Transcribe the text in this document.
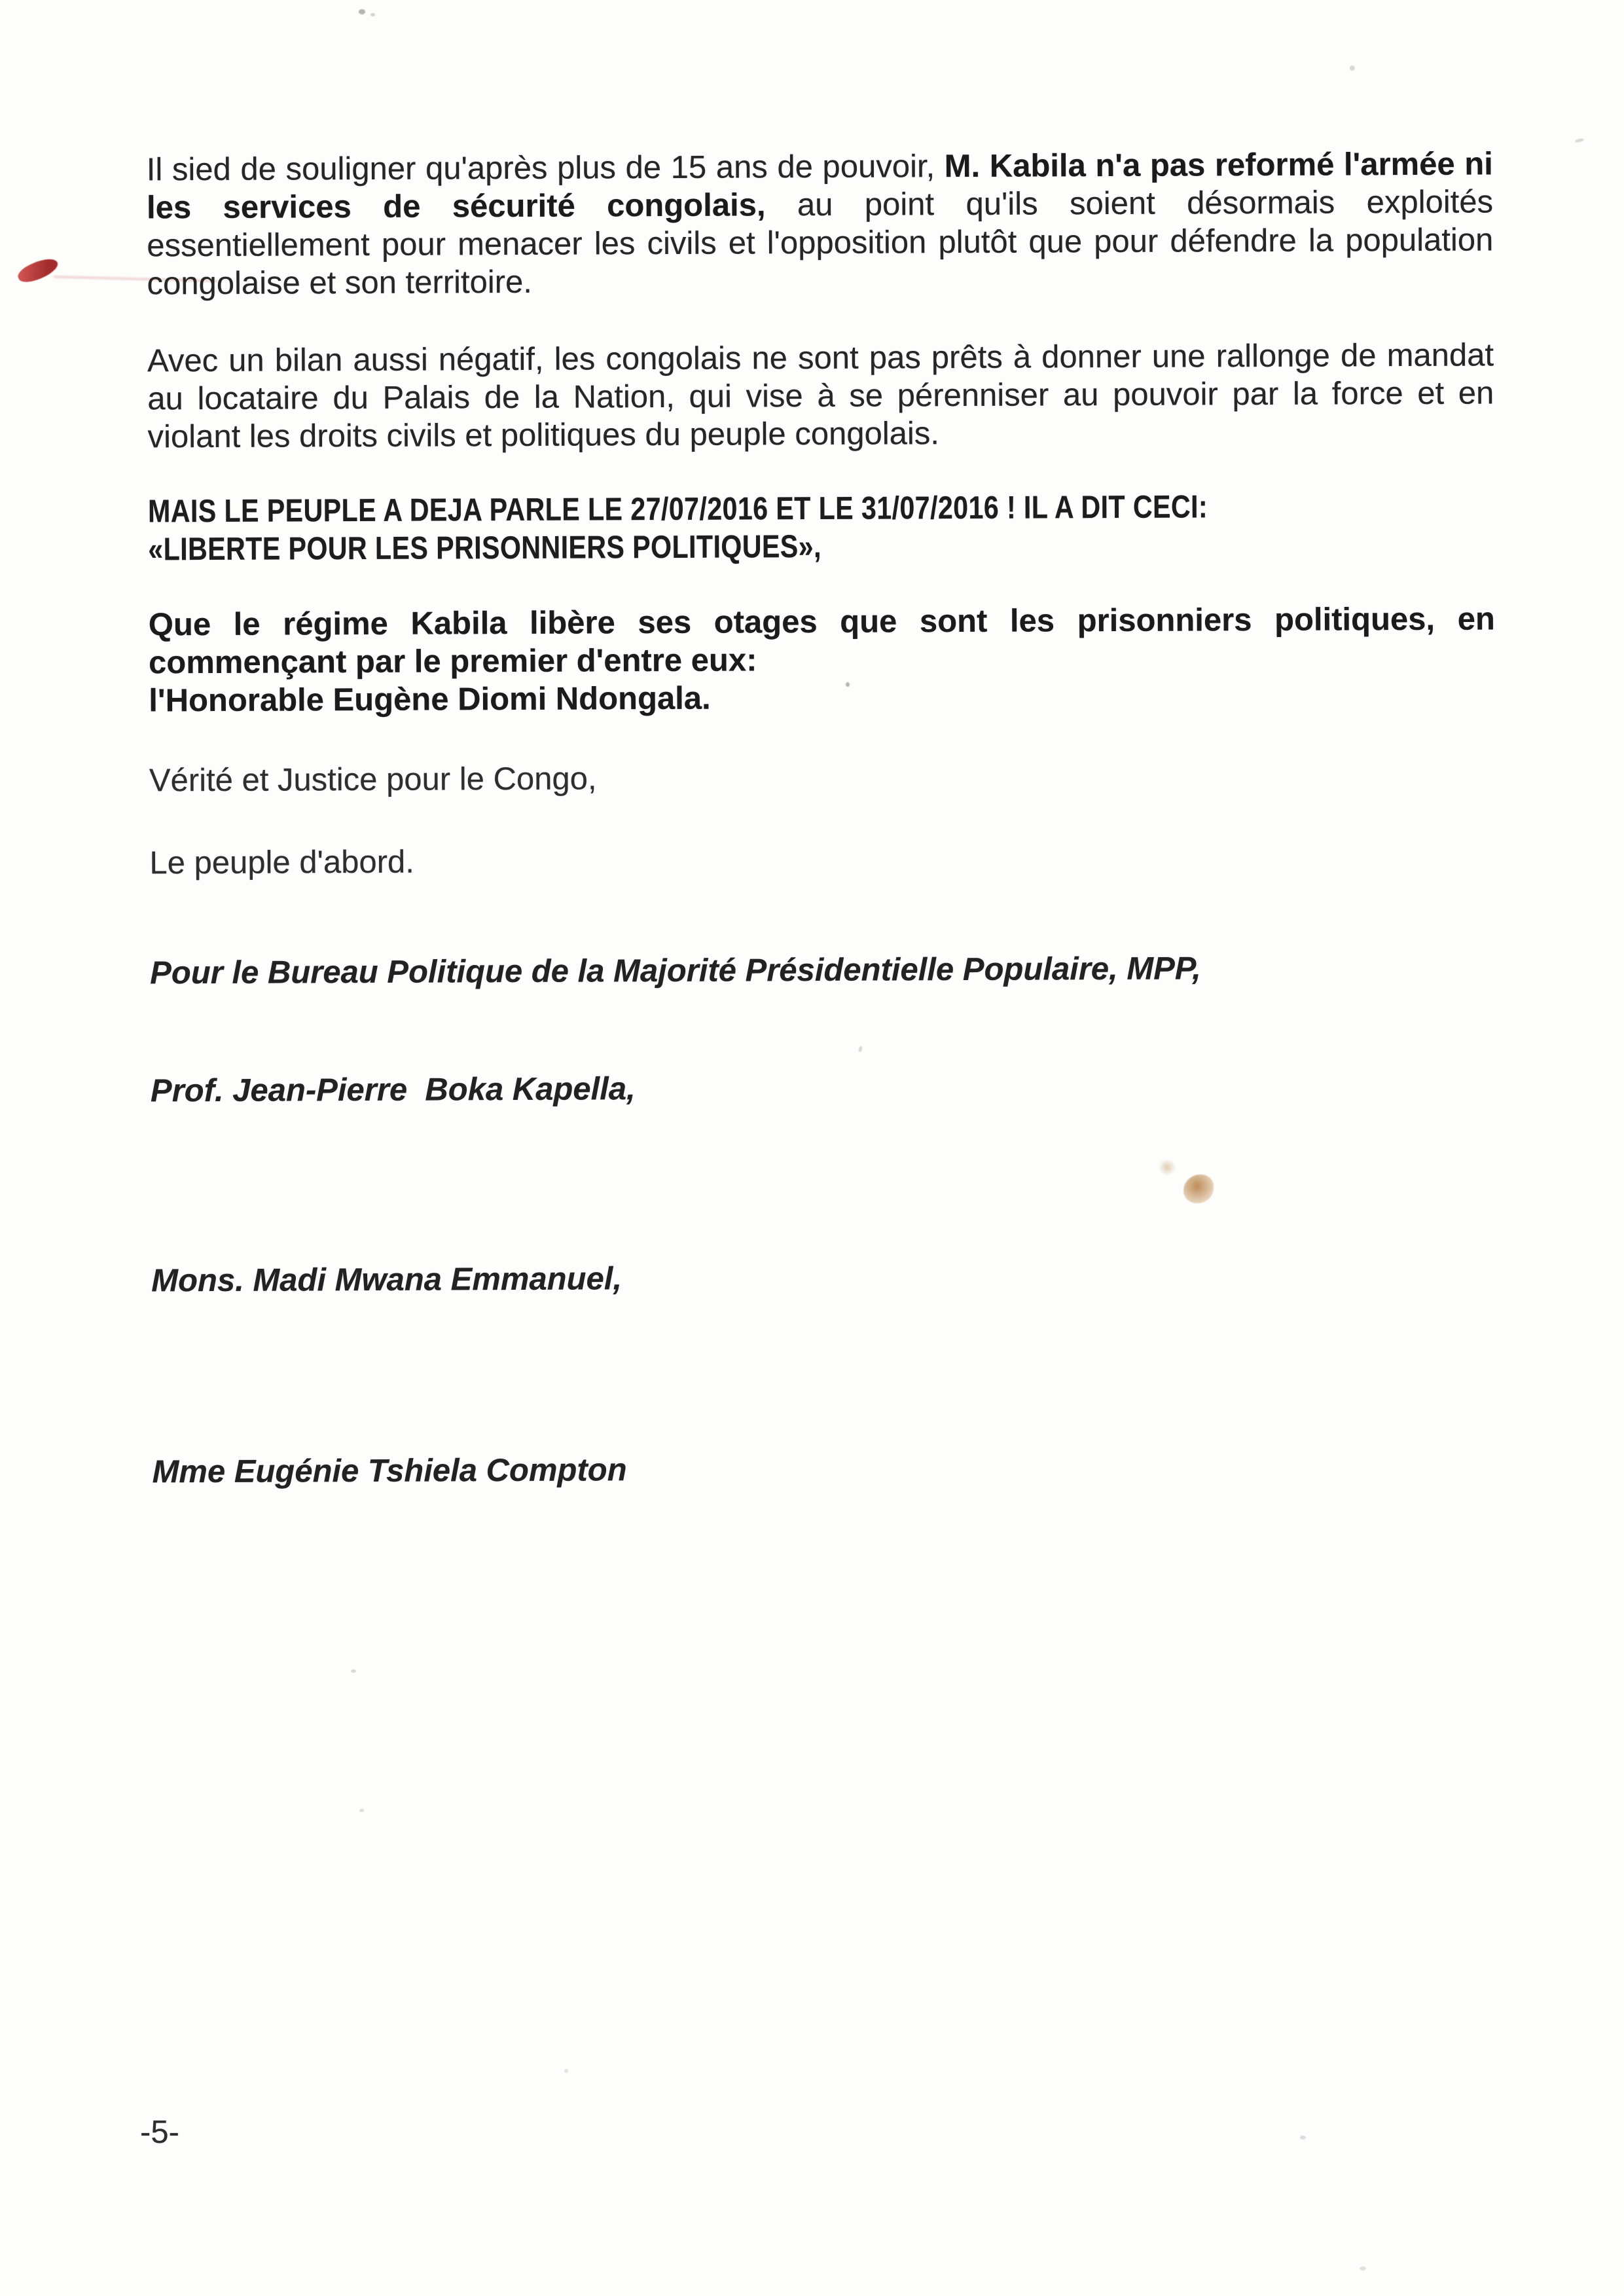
Il sied de souligner qu'après plus de 15 ans de pouvoir, M. Kabila n'a pas reformé l'armée ni les services de sécurité congolais, au point qu'ils soient désormais exploités essentiellement pour menacer les civils et l'opposition plutôt que pour défendre la population congolaise et son territoire.

Avec un bilan aussi négatif, les congolais ne sont pas prêts à donner une rallonge de mandat au locataire du Palais de la Nation, qui vise à se pérenniser au pouvoir par la force et en violant les droits civils et politiques du peuple congolais.

MAIS LE PEUPLE A DEJA PARLE LE 27/07/2016 ET LE 31/07/2016 ! IL A DIT CECI:
«LIBERTE POUR LES PRISONNIERS POLITIQUES»,
Que le régime Kabila libère ses otages que sont les prisonniers politiques, en commençant par le premier d'entre eux:
l'Honorable Eugène Diomi Ndongala.

Vérité et Justice pour le Congo,

Le peuple d'abord.

Pour le Bureau Politique de la Majorité Présidentielle Populaire, MPP,

Prof. Jean-Pierre  Boka Kapella,

Mons. Madi Mwana Emmanuel,

Mme Eugénie Tshiela Compton

-5-
